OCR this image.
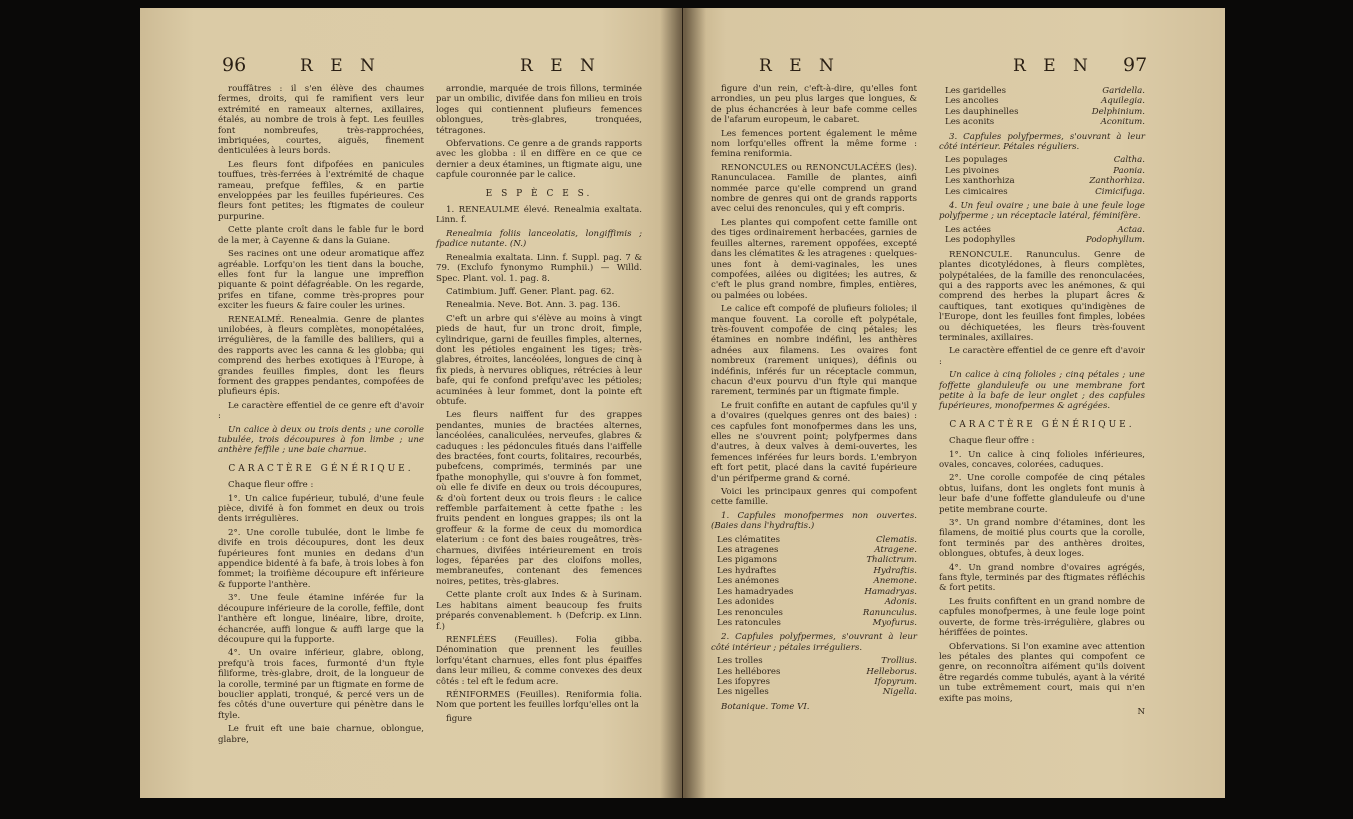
96	R E N	R E N

rouffâtres : il s'en élève des chaumes fermes, droits, qui fe ramifient vers leur extrémité en rameaux alternes, axillaires, étalés, au nombre de trois à fept. Les feuilles font nombreufes, très-rapprochées, imbriquées, courtes, aiguës, finement denticulées à leurs bords.

Les fleurs font difpofées en panicules touffues, très-ferrées à l'extrémité de chaque rameau, prefque feffiles, & en partie enveloppées par les feuilles fupérieures. Ces fleurs font petites; les ftigmates de couleur purpurine.

Cette plante croît dans le fable fur le bord de la mer, à Cayenne & dans la Guiane.

Ses racines ont une odeur aromatique affez agréable. Lorfqu'on les tient dans la bouche, elles font fur la langue une impreffion piquante & point défagréable. On les regarde, prifes en tifane, comme très-propres pour exciter les fueurs & faire couler les urines.

RENEALMÉ. Renealmia. Genre de plantes unilobées, à fleurs complètes, monopétalées, irrégulières, de la famille des baliliers, qui a des rapports avec les canna & les globba; qui comprend des herbes exotiques à l'Europe, à grandes feuilles fimples, dont les fleurs forment des grappes pendantes, compofées de plufieurs épis.

Le caractère effentiel de ce genre eft d'avoir :

Un calice à deux ou trois dents ; une corolle tubulée, trois découpures à fon limbe ; une anthère feffile ; une baie charnue.

CARACTÈRE GÉNÉRIQUE.

Chaque fleur offre :

1°. Un calice fupérieur, tubulé, d'une feule pièce, divifé à fon fommet en deux ou trois dents irrégulières.

2°. Une corolle tubulée, dont le limbe fe divife en trois découpures, dont les deux fupérieures font munies en dedans d'un appendice bidenté à fa bafe, à trois lobes à fon fommet; la troifième découpure eft inférieure & fupporte l'anthère.

3°. Une feule étamine inférée fur la découpure inférieure de la corolle, feffile, dont l'anthère eft longue, linéaire, libre, droite, échancrée, auffi longue & auffi large que la découpure qui la fupporte.

4°. Un ovaire inférieur, glabre, oblong, prefqu'à trois faces, furmonté d'un ftyle filiforme, très-glabre, droit, de la longueur de la corolle, terminé par un ftigmate en forme de bouclier applati, tronqué, & percé vers un de fes côtés d'une ouverture qui pénètre dans le ftyle.

Le fruit eft une baie charnue, oblongue, glabre,

arrondie, marquée de trois fillons, terminée par un ombilic, divifée dans fon milieu en trois loges qui contiennent plufieurs femences oblongues, très-glabres, tronquées, tétragones.

Obfervations. Ce genre a de grands rapports avec les globba : il en diffère en ce que ce dernier a deux étamines, un ftigmate aigu, une capfule couronnée par le calice.

E S P È C E S.

1. RENEAULME élevé. Renealmia exaltata. Linn. f.

Renealmia foliis lanceolatis, longiffimis ; fpadice nutante. (N.)

Renealmia exaltata. Linn. f. Suppl. pag. 7 & 79. (Exclufo fynonymo Rumphii.) — Willd. Spec. Plant. vol. 1. pag. 8.

Catimbium. Juff. Gener. Plant. pag. 62.

Renealmia. Neve. Bot. Ann. 3. pag. 136.

C'eft un arbre qui s'élève au moins à vingt pieds de haut, fur un tronc droit, fimple, cylindrique, garni de feuilles fimples, alternes, dont les pétioles engainent les tiges; très-glabres, étroites, lancéolées, longues de cinq à fix pieds, à nervures obliques, rétrécies à leur bafe, qui fe confond prefqu'avec les pétioles; acuminées à leur fommet, dont la pointe eft obtufe.

Les fleurs naiffent fur des grappes pendantes, munies de bractées alternes, lancéolées, canaliculées, nerveufes, glabres & caduques : les pédoncules fitués dans l'aiffelle des bractées, font courts, folitaires, recourbés, pubefcens, comprimés, terminés par une fpathe monophylle, qui s'ouvre à fon fommet, où elle fe divife en deux ou trois découpures, & d'où fortent deux ou trois fleurs : le calice reffemble parfaitement à cette fpathe : les fruits pendent en longues grappes; ils ont la groffeur & la forme de ceux du momordica elaterium : ce font des baies rougeâtres, très-charnues, divifées intérieurement en trois loges, féparées par des cloifons molles, membraneufes, contenant des femences noires, petites, très-glabres.

Cette plante croît aux Indes & à Surinam. Les habitans aiment beaucoup fes fruits préparés convenablement. ♄ (Defcrip. ex Linn. f.)

RENFLÉES (Feuilles). Folia gibba. Dénomination que prennent les feuilles lorfqu'étant charnues, elles font plus épaiffes dans leur milieu, & comme convexes des deux côtés : tel eft le fedum acre.

RÉNIFORMES (Feuilles). Reniformia folia. Nom que portent les feuilles lorfqu'elles ont la

figure

R E N	R E N 97

figure d'un rein, c'eft-à-dire, qu'elles font arrondies, un peu plus larges que longues, & de plus échancrées à leur bafe comme celles de l'afarum europeum, le cabaret.

Les femences portent également le même nom lorfqu'elles offrent la même forme : femina reniformia.

RENONCULES ou RENONCULACÉES (les). Ranunculacea. Famille de plantes, ainfi nommée parce qu'elle comprend un grand nombre de genres qui ont de grands rapports avec celui des renoncules, qui y eft compris.

Les plantes qui compofent cette famille ont des tiges ordinairement herbacées, garnies de feuilles alternes, rarement oppofées, excepté dans les clématites & les atragenes : quelques-unes font à demi-vaginales, les unes compofées, ailées ou digitées; les autres, & c'eft le plus grand nombre, fimples, entières, ou palmées ou lobées.

Le calice eft compofé de plufieurs folioles; il manque fouvent. La corolle eft polypétale, très-fouvent compofée de cinq pétales; les étamines en nombre indéfini, les anthères adnées aux filamens. Les ovaires font nombreux (rarement uniques), définis ou indéfinis, inférés fur un réceptacle commun, chacun d'eux pourvu d'un ftyle qui manque rarement, terminés par un ftigmate fimple.

Le fruit confifte en autant de capfules qu'il y a d'ovaires (quelques genres ont des baies) : ces capfules font monofpermes dans les uns, elles ne s'ouvrent point; polyfpermes dans d'autres, à deux valves à demi-ouvertes, les femences inférées fur leurs bords. L'embryon eft fort petit, placé dans la cavité fupérieure d'un périfperme grand & corné.

Voici les principaux genres qui compofent cette famille.

1. Capfules monofpermes non ouvertes. (Baies dans l'hydraftis.)

Les clématites	Clematis.
Les atragenes	Atragene.
Les pigamons	Thalictrum.
Les hydraftes	Hydraftis.
Les anémones	Anemone.
Les hamadryades	Hamadryas.
Les adonides	Adonis.
Les renoncules	Ranunculus.
Les ratoncules	Myofurus.

2. Capfules polyfpermes, s'ouvrant à leur côté intérieur ; pétales irréguliers.

Les trolles	Trollius.
Les hellébores	Helleborus.
Les ifopyres	Ifopyrum.
Les nigelles	Nigella.

Botanique. Tome VI.

Les garidelles	Garidella.
Les ancolies	Aquilegia.
Les dauphinelles	Delphinium.
Les aconits	Aconitum.

3. Capfules polyfpermes, s'ouvrant à leur côté intérieur. Pétales réguliers.

Les populages	Caltha.
Les pivoines	Paonia.
Les xanthorhiza	Zanthorhiza.
Les cimicaires	Cimicifuga.

4. Un feul ovaire ; une baie à une feule loge polyfperme ; un réceptacle latéral, féminifère.

Les actées	Actaa.
Les podophylles	Podophyllum.

RENONCULE. Ranunculus. Genre de plantes dicotylédones, à fleurs complètes, polypétalées, de la famille des renonculacées, qui a des rapports avec les anémones, & qui comprend des herbes la plupart âcres & cauftiques, tant exotiques qu'indigènes de l'Europe, dont les feuilles font fimples, lobées ou déchiquetées, les fleurs très-fouvent terminales, axillaires.

Le caractère effentiel de ce genre eft d'avoir :

Un calice à cinq folioles ; cinq pétales ; une foffette glanduleufe ou une membrane fort petite à la bafe de leur onglet ; des capfules fupérieures, monofpermes & agrégées.

CARACTÈRE GÉNÉRIQUE.

Chaque fleur offre :

1°. Un calice à cinq folioles inférieures, ovales, concaves, colorées, caduques.

2°. Une corolle compofée de cinq pétales obtus, luifans, dont les onglets font munis à leur bafe d'une foffette glanduleufe ou d'une petite membrane courte.

3°. Un grand nombre d'étamines, dont les filamens, de moitié plus courts que la corolle, font terminés par des anthères droites, oblongues, obtufes, à deux loges.

4°. Un grand nombre d'ovaires agrégés, fans ftyle, terminés par des ftigmates réfléchis & fort petits.

Les fruits confiftent en un grand nombre de capfules monofpermes, à une feule loge point ouverte, de forme très-irrégulière, glabres ou hériffées de pointes.

Obfervations. Si l'on examine avec attention les pétales des plantes qui compofent ce genre, on reconnoîtra aifément qu'ils doivent être regardés comme tubulés, ayant à la vérité un tube extrêmement court, mais qui n'en exifte pas moins,

N
